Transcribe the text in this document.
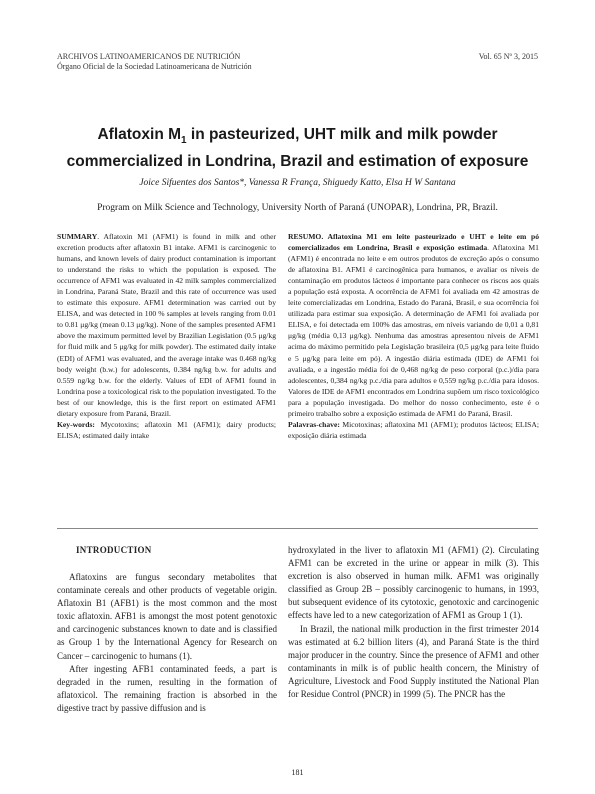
ARCHIVOS LATINOAMERICANOS DE NUTRICIÓN
Órgano Oficial de la Sociedad Latinoamericana de Nutrición
Vol. 65 Nº 3, 2015
Aflatoxin $M_1$ in pasteurized, UHT milk and milk powder
commercialized in Londrina, Brazil and estimation of exposure
Joice Sifuentes dos Santos*, Vanessa R França, Shiguedy Katto, Elsa H W Santana
Program on Milk Science and Technology, University North of Paraná (UNOPAR), Londrina, PR, Brazil.
SUMMARY. Aflatoxin M1 (AFM1) is found in milk and other excretion products after aflatoxin B1 intake. AFM1 is carcinogenic to humans, and known levels of dairy product contamination is important to understand the risks to which the population is exposed. The occurrence of AFM1 was evaluated in 42 milk samples commercialized in Londrina, Paraná State, Brazil and this rate of occurrence was used to estimate this exposure. AFM1 determination was carried out by ELISA, and was detected in 100 % samples at levels ranging from 0.01 to 0.81 μg/kg (mean 0.13 μg/kg). None of the samples presented AFM1 above the maximum permitted level by Brazilian Legislation (0.5 μg/kg for fluid milk and 5 μg/kg for milk powder). The estimated daily intake (EDI) of AFM1 was evaluated, and the average intake was 0.468 ng/kg body weight (b.w.) for adolescents, 0.384 ng/kg b.w. for adults and 0.559 ng/kg b.w. for the elderly. Values of EDI of AFM1 found in Londrina pose a toxicological risk to the population investigated. To the best of our knowledge, this is the first report on estimated AFM1 dietary exposure from Paraná, Brazil.
Key-words: Mycotoxins; aflatoxin M1 (AFM1); dairy products; ELISA; estimated daily intake
RESUMO. Aflatoxina M1 em leite pasteurizado e UHT e leite em pó comercializados em Londrina, Brasil e exposição estimada. Aflatoxina M1 (AFM1) é encontrada no leite e em outros produtos de excreção após o consumo de aflatoxina B1. AFM1 é carcinogênica para humanos, e avaliar os níveis de contaminação em produtos lácteos é importante para conhecer os riscos aos quais a população está exposta. A ocorrência de AFM1 foi avaliada em 42 amostras de leite comercializadas em Londrina, Estado do Paraná, Brasil, e sua ocorrência foi utilizada para estimar sua exposição. A determinação de AFM1 foi avaliada por ELISA, e foi detectada em 100% das amostras, em níveis variando de 0,01 a 0,81 μg/kg (média 0,13 μg/kg). Nenhuma das amostras apresentou níveis de AFM1 acima do máximo permitido pela Legislação brasileira (0,5 μg/kg para leite fluido e 5 μg/kg para leite em pó). A ingestão diária estimada (IDE) de AFM1 foi avaliada, e a ingestão média foi de 0,468 ng/kg de peso corporal (p.c.)/dia para adolescentes, 0,384 ng/kg p.c./dia para adultos e 0,559 ng/kg p.c./dia para idosos. Valores de IDE de AFM1 encontrados em Londrina supõem um risco toxicológico para a população investigada. Do melhor do nosso conhecimento, este é o primeiro trabalho sobre a exposição estimada de AFM1 do Paraná, Brasil.
Palavras-chave: Micotoxinas; aflatoxina M1 (AFM1); produtos lácteos; ELISA; exposição diária estimada
INTRODUCTION

Aflatoxins are fungus secondary metabolites that contaminate cereals and other products of vegetable origin. Aflatoxin B1 (AFB1) is the most common and the most toxic aflatoxin. AFB1 is amongst the most potent genotoxic and carcinogenic substances known to date and is classified as Group 1 by the International Agency for Research on Cancer – carcinogenic to humans (1).

After ingesting AFB1 contaminated feeds, a part is degraded in the rumen, resulting in the formation of aflatoxicol. The remaining fraction is absorbed in the digestive tract by passive diffusion and is

hydroxylated in the liver to aflatoxin M1 (AFM1) (2). Circulating AFM1 can be excreted in the urine or appear in milk (3). This excretion is also observed in human milk. AFM1 was originally classified as Group 2B – possibly carcinogenic to humans, in 1993, but subsequent evidence of its cytotoxic, genotoxic and carcinogenic effects have led to a new categorization of AFM1 as Group 1 (1).

In Brazil, the national milk production in the first trimester 2014 was estimated at 6.2 billion liters (4), and Paraná State is the third major producer in the country. Since the presence of AFM1 and other contaminants in milk is of public health concern, the Ministry of Agriculture, Livestock and Food Supply instituted the National Plan for Residue Control (PNCR) in 1999 (5). The PNCR has the

181
